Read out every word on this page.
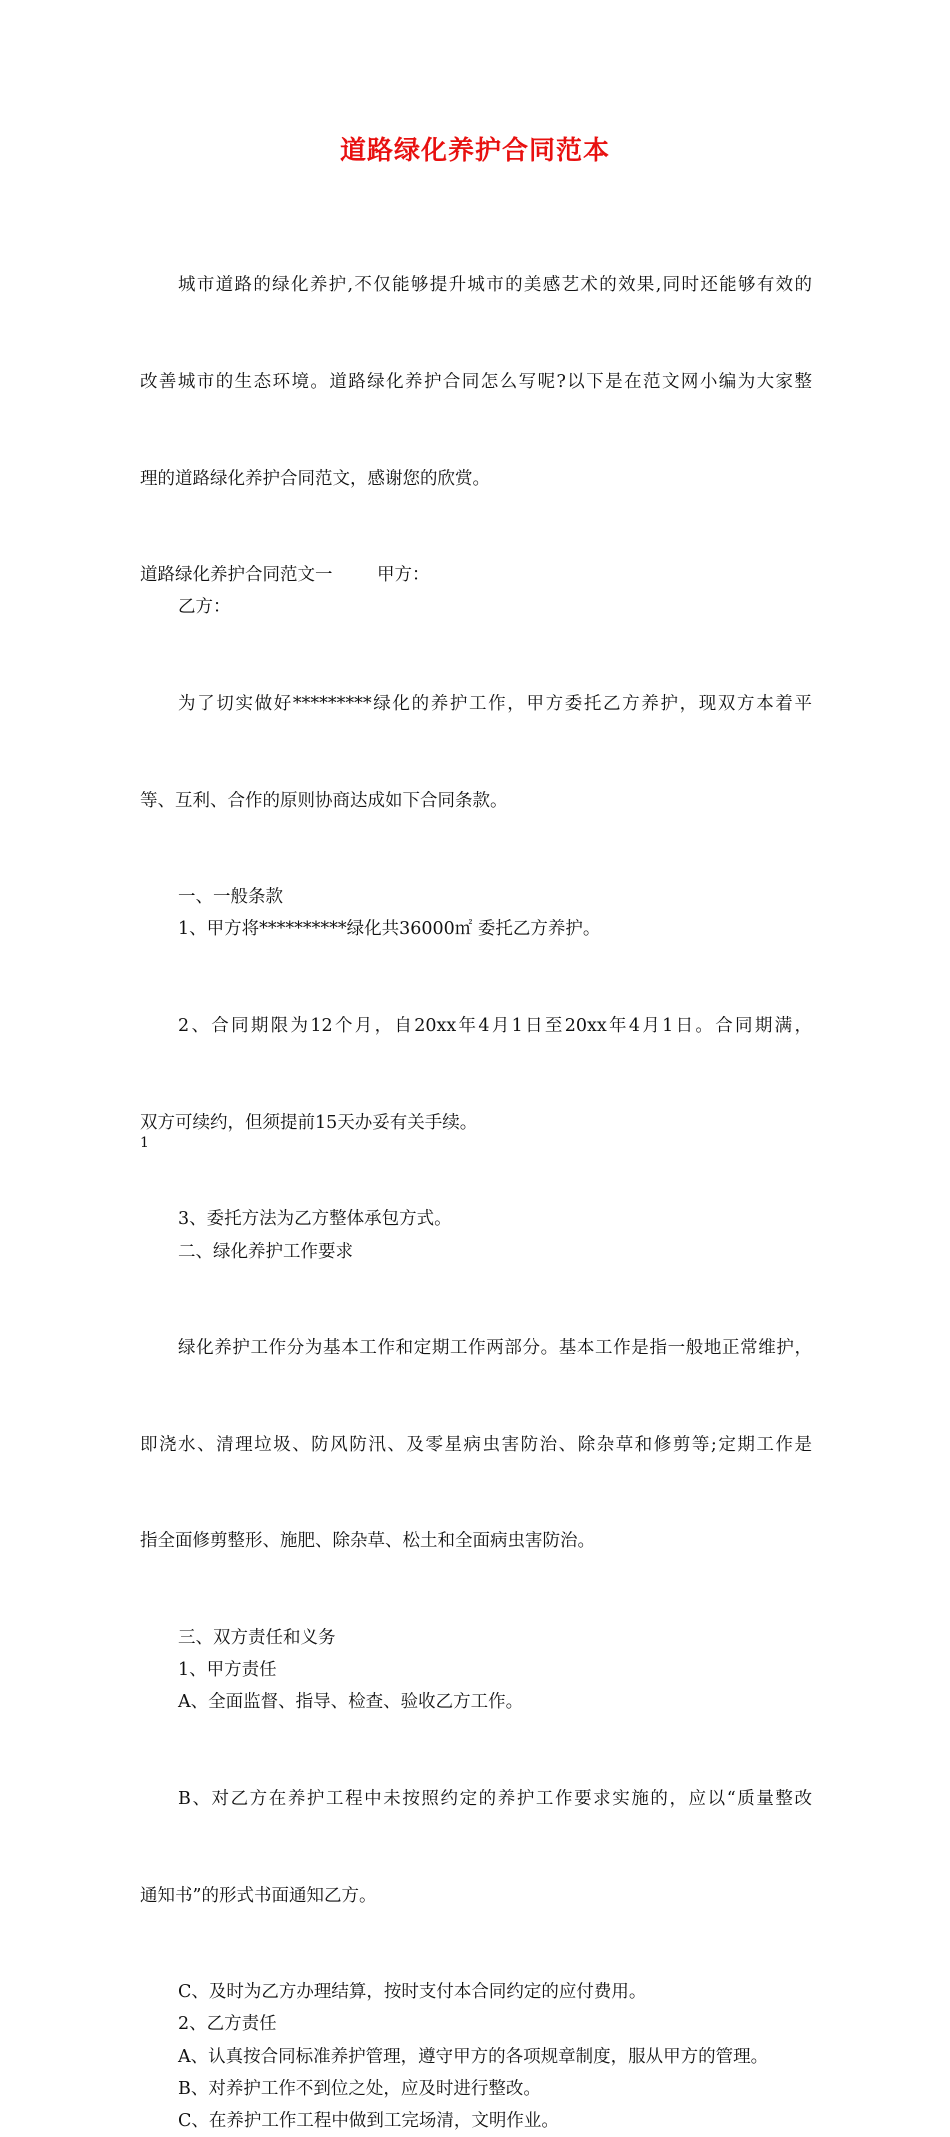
道路绿化养护合同范本

城市道路的绿化养护,不仅能够提升城市的美感艺术的效果,同时还能够有效的

改善城市的生态环境。道路绿化养护合同怎么写呢?以下是在范文网小编为大家整

理的道路绿化养护合同范文，感谢您的欣赏。

道路绿化养护合同范文一        甲方：
乙方：

为了切实做好*********绿化的养护工作，甲方委托乙方养护，现双方本着平

等、互利、合作的原则协商达成如下合同条款。

一、一般条款
1、甲方将**********绿化共36000㎡ 委托乙方养护。

2、合同期限为12个月，自20xx年4月1日至20xx年4月1日。合同期满，

双方可续约，但须提前15天办妥有关手续。

3、委托方法为乙方整体承包方式。
二、绿化养护工作要求

绿化养护工作分为基本工作和定期工作两部分。基本工作是指一般地正常维护，

即浇水、清理垃圾、防风防汛、及零星病虫害防治、除杂草和修剪等;定期工作是

指全面修剪整形、施肥、除杂草、松土和全面病虫害防治。

三、双方责任和义务
1、甲方责任
A、全面监督、指导、检查、验收乙方工作。

B、对乙方在养护工程中未按照约定的养护工作要求实施的，应以“质量整改

通知书”的形式书面通知乙方。

C、及时为乙方办理结算，按时支付本合同约定的应付费用。
2、乙方责任
A、认真按合同标准养护管理，遵守甲方的各项规章制度，服从甲方的管理。
B、对养护工作不到位之处，应及时进行整改。
C、在养护工作工程中做到工完场清，文明作业。
1
